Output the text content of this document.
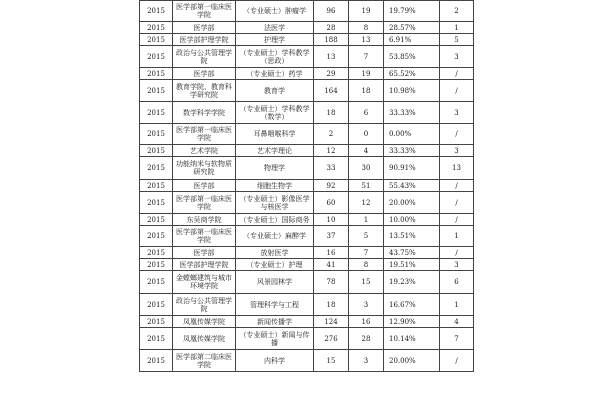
2015	医学部第一临床医学院	（专业硕士）肿瘤学	96	19	19.79%	2
2015	医学部	法医学	28	8	28.57%	1
2015	医学部护理学院	护理学	188	13	6.91%	5
2015	政治与公共管理学院	（专业硕士）学科教学（思政）	13	7	53.85%	3
2015	医学部	（专业硕士）药学	29	19	65.52%	/
2015	教育学院、教育科学研究院	教育学	164	18	10.98%	/
2015	数学科学学院	（专业硕士）学科教学（数学）	18	6	33.33%	3
2015	医学部第一临床医学院	耳鼻咽喉科学	2	0	0.00%	/
2015	艺术学院	艺术学理论	12	4	33.33%	3
2015	功能纳米与软物质研究院	物理学	33	30	90.91%	13
2015	医学部	细胞生物学	92	51	55.43%	/
2015	医学部第一临床医学院	（专业硕士）影像医学与核医学	60	12	20.00%	/
2015	东吴商学院	（专业硕士）国际商务	10	1	10.00%	/
2015	医学部第一临床医学院	（专业硕士）麻醉学	37	5	13.51%	1
2015	医学部	放射医学	16	7	43.75%	/
2015	医学部护理学院	（专业硕士）护理	41	8	19.51%	3
2015	金螳螂建筑与城市环境学院	风景园林学	78	15	19.23%	6
2015	政治与公共管理学院	管理科学与工程	18	3	16.67%	1
2015	凤凰传媒学院	新闻传播学	124	16	12.90%	4
2015	凤凰传媒学院	（专业硕士）新闻与传播	276	28	10.14%	7
2015	医学部第二临床医学院	内科学	15	3	20.00%	/
